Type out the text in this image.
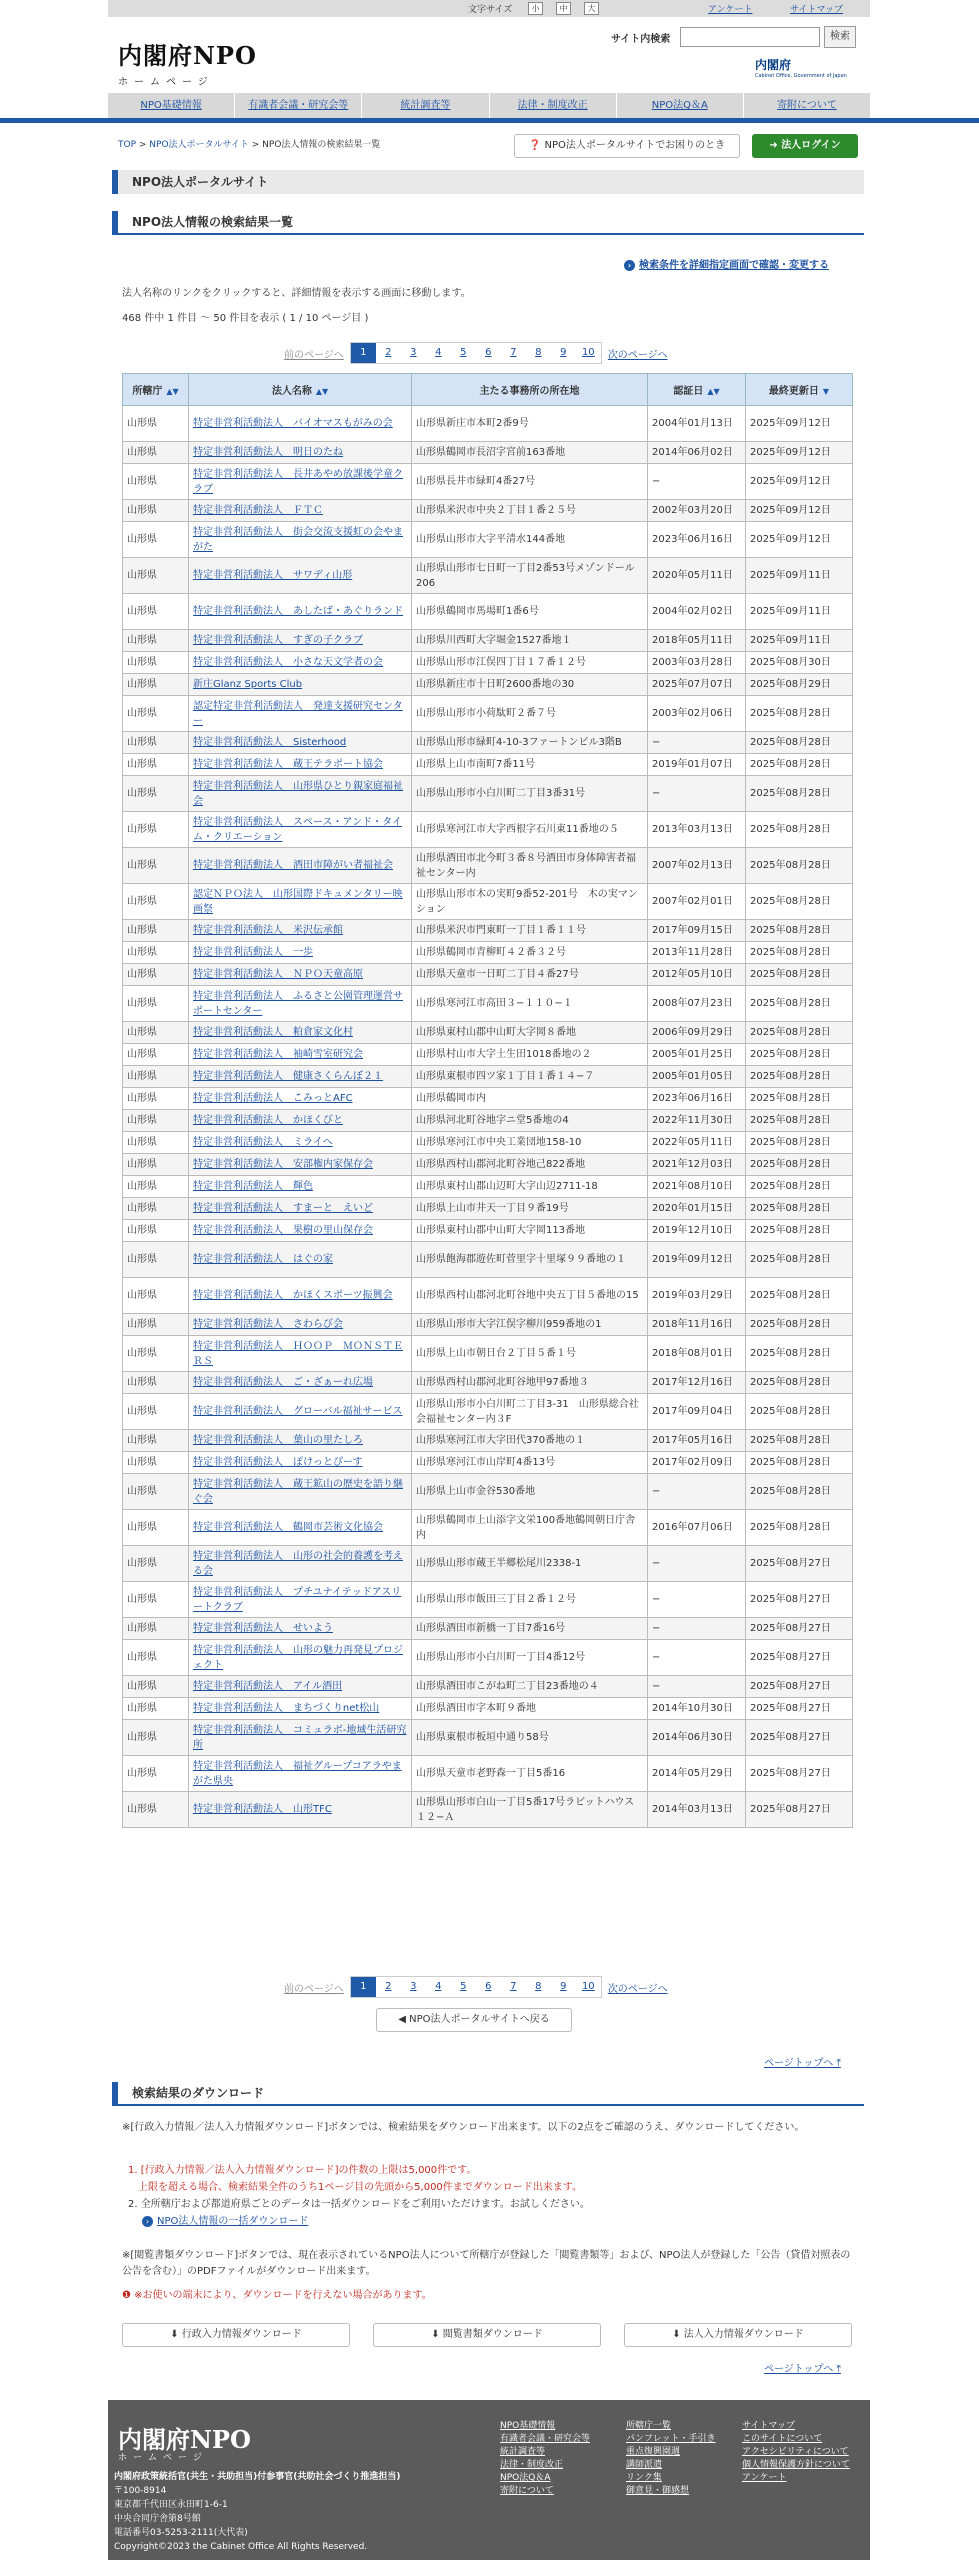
文字サイズ	小	中	大	アンケート	サイトマップ
内閣府NPO
ホームページ
サイト内検索	検索
内閣府
Cabinet Office, Government of Japan
NPO基礎情報	有識者会議・研究会等	統計調査等	法律・制度改正	NPO法Q＆A	寄附について
TOP > NPO法人ポータルサイト > NPO法人情報の検索結果一覧	❓ NPO法人ポータルサイトでお困りのとき	➜ 法人ログイン
NPO法人ポータルサイト
NPO法人情報の検索結果一覧
› 検索条件を詳細指定画面で確認・変更する
法人名称のリンクをクリックすると、詳細情報を表示する画面に移動します。
468 件中 1 件目 〜 50 件目を表示 ( 1 / 10 ページ目 )
前のページへ	1	2	3	4	5	6	7	8	9	10	次のページへ
所轄庁 ▲▼	法人名称 ▲▼	主たる事務所の所在地	認証日 ▲▼	最終更新日 ▼
山形県	特定非営利活動法人　バイオマスもがみの会	山形県新庄市本町2番9号	2004年01月13日	2025年09月12日
山形県	特定非営利活動法人　明日のたね	山形県鶴岡市長沼字宮前163番地	2014年06月02日	2025年09月12日
山形県	特定非営利活動法人　長井あやめ放課後学童クラブ	山形県長井市緑町4番27号	−	2025年09月12日
山形県	特定非営利活動法人　ＦＴＣ	山形県米沢市中央２丁目１番２５号	2002年03月20日	2025年09月12日
山形県	特定非営利活動法人　街会交流支援虹の会やまがた	山形県山形市大字平清水144番地	2023年06月16日	2025年09月12日
山形県	特定非営利活動法人　サワディ山形	山形県山形市七日町一丁目2番53号メゾンドール206	2020年05月11日	2025年09月11日
山形県	特定非営利活動法人　あしたば・あぐりランド	山形県鶴岡市馬場町1番6号	2004年02月02日	2025年09月11日
山形県	特定非営利活動法人　すぎの子クラブ	山形県川西町大字堀金1527番地１	2018年05月11日	2025年09月11日
山形県	特定非営利活動法人　小さな天文学者の会	山形県山形市江俣四丁目１７番１２号	2003年03月28日	2025年08月30日
山形県	新庄Glanz Sports Club	山形県新庄市十日町2600番地の30	2025年07月07日	2025年08月29日
山形県	認定特定非営利活動法人　発達支援研究センター	山形県山形市小荷駄町２番７号	2003年02月06日	2025年08月28日
山形県	特定非営利活動法人　Sisterhood	山形県山形市緑町4-10-3ファートンビル3階B	−	2025年08月28日
山形県	特定非営利活動法人　蔵王テラポート協会	山形県上山市南町7番11号	2019年01月07日	2025年08月28日
山形県	特定非営利活動法人　山形県ひとり親家庭福祉会	山形県山形市小白川町二丁目3番31号	−	2025年08月28日
山形県	特定非営利活動法人　スペース・アンド・タイム・クリエーション	山形県寒河江市大字西根字石川東11番地の５	2013年03月13日	2025年08月28日
山形県	特定非営利活動法人　酒田市障がい者福祉会	山形県酒田市北今町３番８号酒田市身体障害者福祉センター内	2007年02月13日	2025年08月28日
山形県	認定ＮＰＯ法人　山形国際ドキュメンタリー映画祭	山形県山形市木の実町9番52-201号　木の実マンション	2007年02月01日	2025年08月28日
山形県	特定非営利活動法人　米沢伝承館	山形県米沢市門東町一丁目１番１１号	2017年09月15日	2025年08月28日
山形県	特定非営利活動法人　一歩	山形県鶴岡市青柳町４２番３２号	2013年11月28日	2025年08月28日
山形県	特定非営利活動法人　ＮＰＯ天童高原	山形県天童市一日町二丁目４番27号	2012年05月10日	2025年08月28日
山形県	特定非営利活動法人　ふるさと公園管理運営サポートセンター	山形県寒河江市高田３−１１０−１	2008年07月23日	2025年08月28日
山形県	特定非営利活動法人　粕倉家文化村	山形県東村山郡中山町大字岡８番地	2006年09月29日	2025年08月28日
山形県	特定非営利活動法人　袖崎雪室研究会	山形県村山市大字土生田1018番地の２	2005年01月25日	2025年08月28日
山形県	特定非営利活動法人　健康さくらんぼ２１	山形県東根市四ツ家１丁目１番１４−７	2005年01月05日	2025年08月28日
山形県	特定非営利活動法人　こみっとAFC	山形県鶴岡市内	2023年06月16日	2025年08月28日
山形県	特定非営利活動法人　かほくびと	山形県河北町谷地字ニ堂5番地の4	2022年11月30日	2025年08月28日
山形県	特定非営利活動法人　ミライへ	山形県寒河江市中央工業団地158-10	2022年05月11日	2025年08月28日
山形県	特定非営利活動法人　安部権内家保存会	山形県西村山郡河北町谷地己822番地	2021年12月03日	2025年08月28日
山形県	特定非営利活動法人　輝色	山形県東村山郡山辺町大字山辺2711-18	2021年08月10日	2025年08月28日
山形県	特定非営利活動法人　すまーと　えいど	山形県上山市井天一丁目９番19号	2020年01月15日	2025年08月28日
山形県	特定非営利活動法人　果樹の里山保存会	山形県東村山郡中山町大字岡113番地	2019年12月10日	2025年08月28日
山形県	特定非営利活動法人　はぐの家	山形県飽海郡遊佐町菅里字十里塚９９番地の１	2019年09月12日	2025年08月28日
山形県	特定非営利活動法人　かほくスポーツ振興会	山形県西村山郡河北町谷地中央五丁目５番地の15	2019年03月29日	2025年08月28日
山形県	特定非営利活動法人　さわらび会	山形県山形市大字江俣字柳川959番地の1	2018年11月16日	2025年08月28日
山形県	特定非営利活動法人　ＨＯＯＰ　ＭＯＮＳＴＥＲＳ	山形県上山市朝日台２丁目５番１号	2018年08月01日	2025年08月28日
山形県	特定非営利活動法人　ご・ざぁーれ広場	山形県西村山郡河北町谷地甲97番地３	2017年12月16日	2025年08月28日
山形県	特定非営利活動法人　グローバル福祉サービス	山形県山形市小白川町二丁目3-31　山形県総合社会福祉センター内３F	2017年09月04日	2025年08月28日
山形県	特定非営利活動法人　葉山の里たしろ	山形県寒河江市大字田代370番地の１	2017年05月16日	2025年08月28日
山形県	特定非営利活動法人　ぽけっとぴーす	山形県寒河江市山岸町4番13号	2017年02月09日	2025年08月28日
山形県	特定非営利活動法人　蔵王鉱山の歴史を語り継ぐ会	山形県上山市金谷530番地	−	2025年08月28日
山形県	特定非営利活動法人　鶴岡市芸術文化協会	山形県鶴岡市上山添字文栄100番地鶴岡朝日庁舎内	2016年07月06日	2025年08月28日
山形県	特定非営利活動法人　山形の社会的養護を考える会	山形県山形市蔵王半郷松尾川2338-1	−	2025年08月27日
山形県	特定非営利活動法人　プチユナイテッドアスリートクラブ	山形県山形市飯田三丁目２番１２号	−	2025年08月27日
山形県	特定非営利活動法人　せいよう	山形県酒田市新橋一丁目7番16号	−	2025年08月27日
山形県	特定非営利活動法人　山形の魅力再発見プロジェクト	山形県山形市小白川町一丁目4番12号	−	2025年08月27日
山形県	特定非営利活動法人　アイル酒田	山形県酒田市こがね町二丁目23番地の４	−	2025年08月27日
山形県	特定非営利活動法人　まちづくりnet松山	山形県酒田市字本町９番地	2014年10月30日	2025年08月27日
山形県	特定非営利活動法人　コミュラボ-地域生活研究所	山形県東根市板垣中通り58号	2014年06月30日	2025年08月27日
山形県	特定非営利活動法人　福祉グループコアラやまがた県央	山形県天童市老野森一丁目5番16	2014年05月29日	2025年08月27日
山形県	特定非営利活動法人　山形TFC	山形県山形市白山一丁目5番17号ラビットハウス１２−Ａ	2014年03月13日	2025年08月27日
前のページへ	1	2	3	4	5	6	7	8	9	10	次のページへ
◀ NPO法人ポータルサイトへ戻る
ページトップへ ⤒
検索結果のダウンロード
※[行政入力情報／法人入力情報ダウンロード]ボタンでは、検索結果をダウンロード出来ます。以下の2点をご確認のうえ、ダウンロードしてください。
1. [行政入力情報／法人入力情報ダウンロード]の件数の上限は5,000件です。
上限を超える場合、検索結果全件のうち1ページ目の先頭から5,000件までダウンロード出来ます。
2. 全所轄庁および都道府県ごとのデータは一括ダウンロードをご利用いただけます。お試しください。
› NPO法人情報の一括ダウンロード
※[閲覧書類ダウンロード]ボタンでは、現在表示されているNPO法人について所轄庁が登録した「閲覧書類等」および、NPO法人が登録した「公告（貸借対照表の公告を含む）」のPDFファイルがダウンロード出来ます。
❶ ※お使いの端末により、ダウンロードを行えない場合があります。
⬇ 行政入力情報ダウンロード	⬇ 閲覧書類ダウンロード	⬇ 法人入力情報ダウンロード
ページトップへ ⤒
内閣府NPO
ホームページ
内閣府政策統括官(共生・共助担当)付参事官(共助社会づくり推進担当)
〒100-8914
東京都千代田区永田町1-6-1
中央合同庁舎第8号館
電話番号03-5253-2111(大代表)
Copyright©2023 the Cabinet Office All Rights Reserved.
NPO基礎情報
有識者会議・研究会等
統計調査等
法律・制度改正
NPO法Q＆A
寄附について
所轄庁一覧
パンフレット・手引き
重点復興園週
講師派遣
リンク集
御意見・御感想
サイトマップ
このサイトについて
アクセシビリティについて
個人情報保護方針について
アンケート
